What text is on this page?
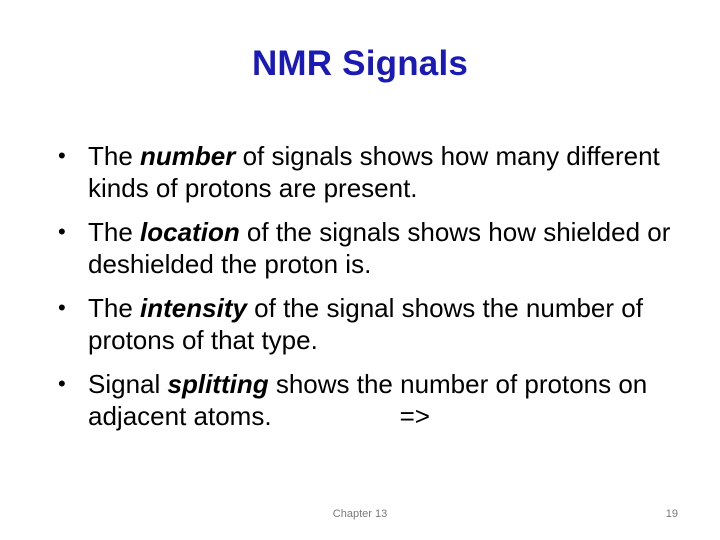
NMR Signals
• The number of signals shows how many different kinds of protons are present.
• The location of the signals shows how shielded or deshielded the proton is.
• The intensity of the signal shows the number of protons of that type.
• Signal splitting shows the number of protons on adjacent atoms.	=>
Chapter 13	19
